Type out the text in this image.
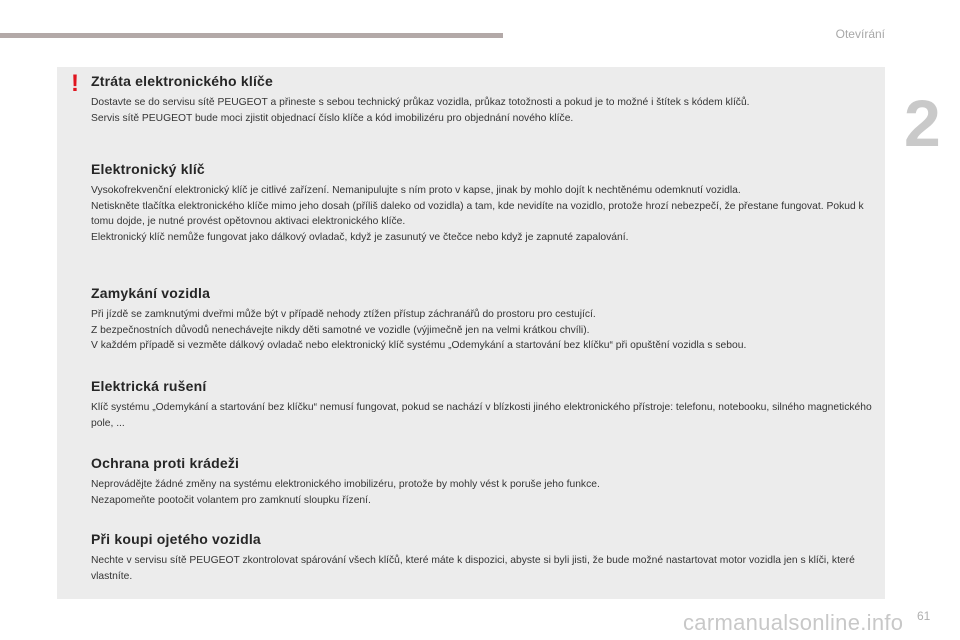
Otevírání
2
! Ztráta elektronického klíče

Dostavte se do servisu sítě PEUGEOT a přineste s sebou technický průkaz vozidla, průkaz totožnosti a pokud je to možné i štítek s kódem klíčů.

Servis sítě PEUGEOT bude moci zjistit objednací číslo klíče a kód imobilizéru pro objednání nového klíče.

Elektronický klíč

Vysokofrekvenční elektronický klíč je citlivé zařízení. Nemanipulujte s ním proto v kapse, jinak by mohlo dojít k nechtěnému odemknutí vozidla.

Netiskněte tlačítka elektronického klíče mimo jeho dosah (příliš daleko od vozidla) a tam, kde nevidíte na vozidlo, protože hrozí nebezpečí, že přestane fungovat. Pokud k tomu dojde, je nutné provést opětovnou aktivaci elektronického klíče.

Elektronický klíč nemůže fungovat jako dálkový ovladač, když je zasunutý ve čtečce nebo když je zapnuté zapalování.

Zamykání vozidla

Při jízdě se zamknutými dveřmi může být v případě nehody ztížen přístup záchranářů do prostoru pro cestující.

Z bezpečnostních důvodů nenechávejte nikdy děti samotné ve vozidle (výjimečně jen na velmi krátkou chvíli).

V každém případě si vezměte dálkový ovladač nebo elektronický klíč systému „Odemykání a startování bez klíčku“ při opuštění vozidla s sebou.

Elektrická rušení

Klíč systému „Odemykání a startování bez klíčku“ nemusí fungovat, pokud se nachází v blízkosti jiného elektronického přístroje: telefonu, notebooku, silného magnetického pole, ...

Ochrana proti krádeži

Neprovádějte žádné změny na systému elektronického imobilizéru, protože by mohly vést k poruše jeho funkce.

Nezapomeňte pootočit volantem pro zamknutí sloupku řízení.

Při koupi ojetého vozidla

Nechte v servisu sítě PEUGEOT zkontrolovat spárování všech klíčů, které máte k dispozici, abyste si byli jisti, že bude možné nastartovat motor vozidla jen s klíči, které vlastníte.

carmanualsonline.info 61
